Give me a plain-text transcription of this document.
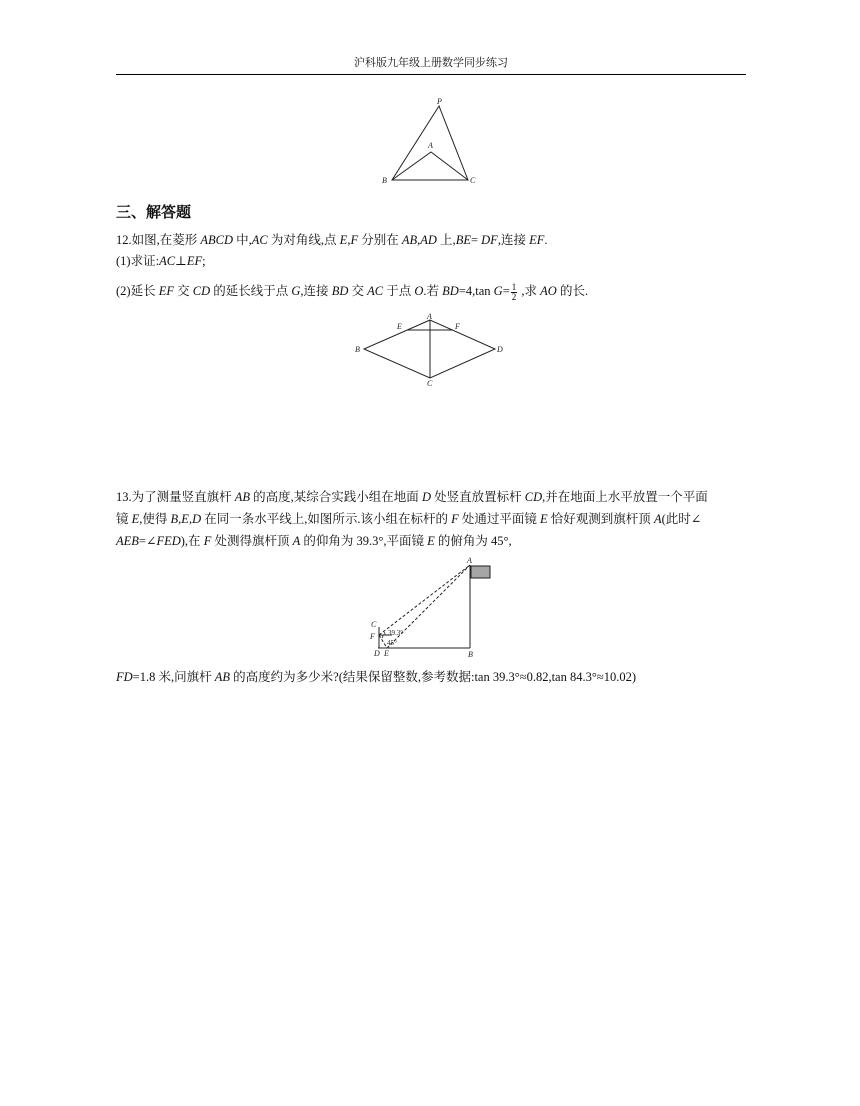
沪科版九年级上册数学同步练习
P
A
B	C
三、解答题
12.如图,在菱形 ABCD 中,AC 为对角线,点 E,F 分别在 AB,AD 上,BE= DF,连接 EF.
(1)求证:AC⊥EF;
(2)延长 EF 交 CD 的延长线于点 G,连接 BD 交 AC 于点 O.若 BD=4,tan $G= \frac{1}{2}$ ,求 AO 的长.
A
B
C
D
E	F
13.为了测量竖直旗杆 AB 的高度,某综合实践小组在地面 D 处竖直放置标杆 CD,并在地面上水平放置一个平面
镜 E,使得 B,E,D 在同一条水平线上,如图所示.该小组在标杆的 F 处通过平面镜 E 恰好观测到旗杆顶 A(此时∠
AEB=∠FED),在 F 处测得旗杆顶 A 的仰角为 39.3°,平面镜 E 的俯角为 45°,
39.3°
45°
A
B
C
F
D E
FD=1.8 米,问旗杆 AB 的高度约为多少米?(结果保留整数,参考数据:tan 39.3°≈0.82,tan 84.3°≈10.02)
